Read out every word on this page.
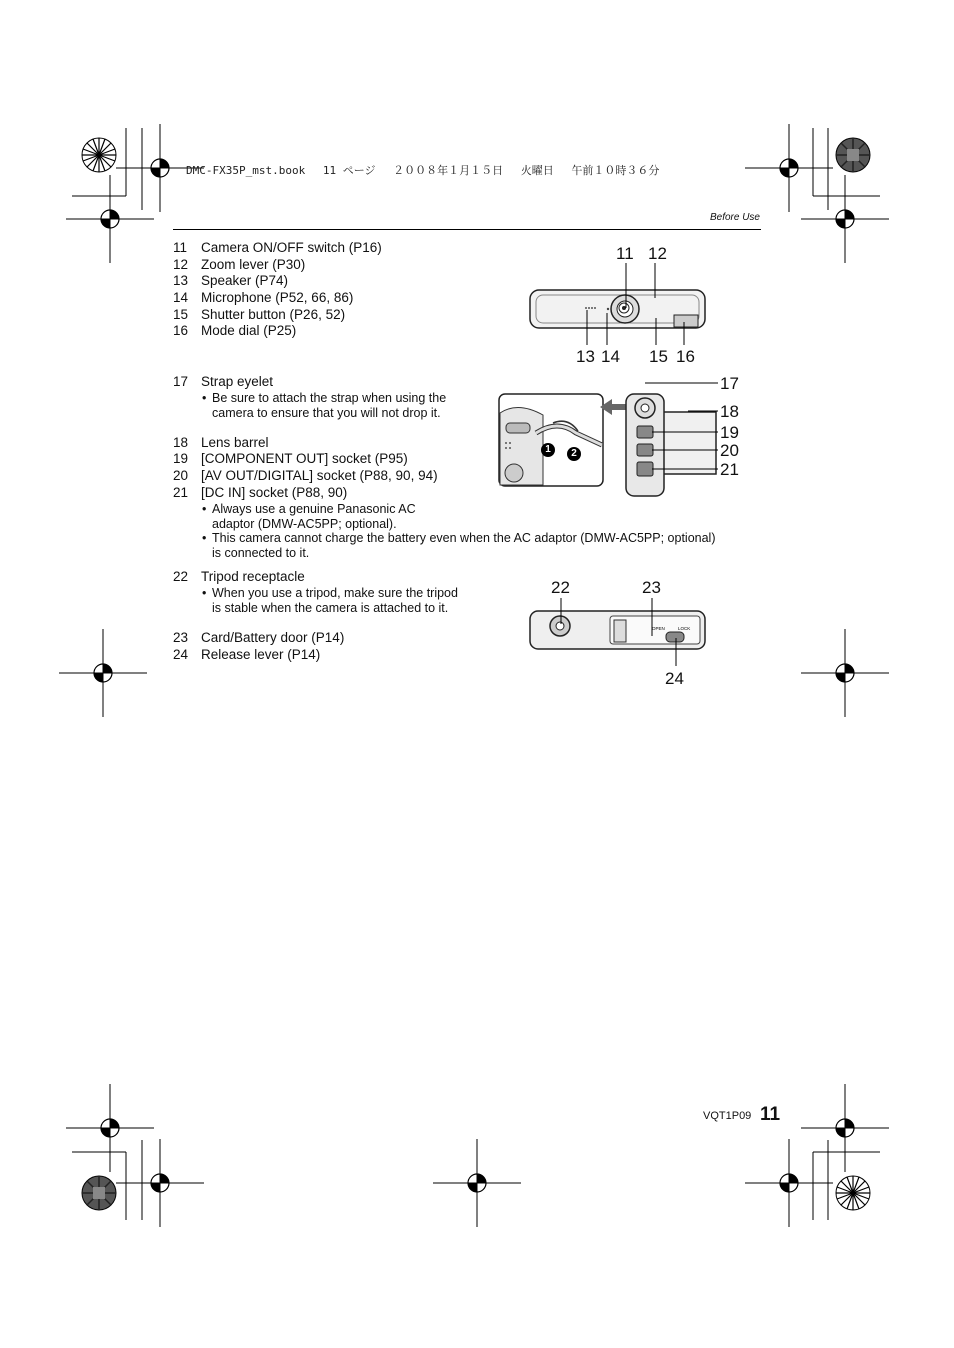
DMC-FX35P_mst.book　 11 ページ　 ２００８年１月１５日　 火曜日　 午前１０時３６分
Before Use
11 Camera ON/OFF switch (P16)
12 Zoom lever (P30)
13 Speaker (P74)
14 Microphone (P52, 66, 86)
15 Shutter button (P26, 52)
16 Mode dial (P25)
11 12
13 14 15 16
17 Strap eyelet
• Be sure to attach the strap when using the camera to ensure that you will not drop it.
18 Lens barrel
19 [COMPONENT OUT] socket (P95)
20 [AV OUT/DIGITAL] socket (P88, 90, 94)
21 [DC IN] socket (P88, 90)
• Always use a genuine Panasonic AC adaptor (DMW-AC5PP; optional).
• This camera cannot charge the battery even when the AC adaptor (DMW-AC5PP; optional) is connected to it.
1	2
17
18
19
20
21
22 Tripod receptacle
• When you use a tripod, make sure the tripod is stable when the camera is attached to it.
23 Card/Battery door (P14)
24 Release lever (P14)
OPEN	LOCK
22	23
24
VQT1P09 11
